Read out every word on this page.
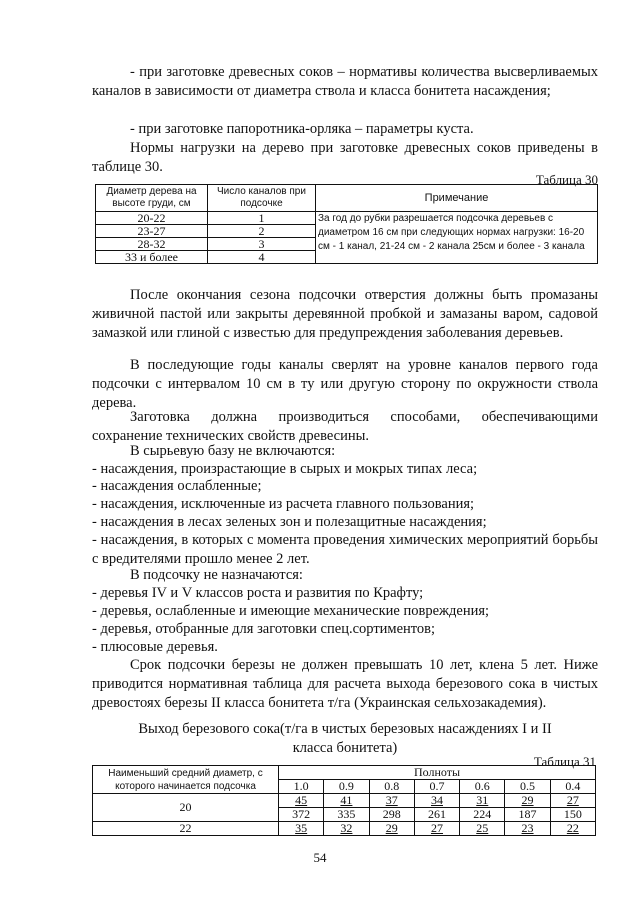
- при заготовке древесных соков – нормативы количества высверливаемых каналов в зависимости от диаметра ствола и класса бонитета насаждения;

- при заготовке папоротника-орляка – параметры куста.

Нормы нагрузки на дерево при заготовке древесных соков приведены в таблице 30.

Таблица 30
Диаметр дерева на высоте груди, см	Число каналов при подсочке	Примечание
20-22	1	За год до рубки разрешается подсочка деревьев с диаметром 16 см при следующих нормах нагрузки: 16-20 см - 1 канал, 21-24 см - 2 канала 25см и более - 3 канала
23-27	2	
28-32	3	
33 и более	4	

После окончания сезона подсочки отверстия должны быть промазаны живичной пастой или закрыты деревянной пробкой и замазаны варом, садовой замазкой или глиной с известью для предупреждения заболевания деревьев.

В последующие годы каналы сверлят на уровне каналов первого года подсочки с интервалом 10 см в ту или другую сторону по окружности ствола дерева.

Заготовка должна производиться способами, обеспечивающими сохранение технических свойств древесины.

В сырьевую базу не включаются:

- насаждения, произрастающие в сырых и мокрых типах леса;

- насаждения ослабленные;

- насаждения, исключенные из расчета главного пользования;

- насаждения в лесах зеленых зон и полезащитные насаждения;

- насаждения, в которых с момента проведения химических мероприятий борьбы с вредителями прошло менее 2 лет.

В подсочку не назначаются:

- деревья IV и V классов роста и развития по Крафту;

- деревья, ослабленные и имеющие механические повреждения;

- деревья, отобранные для заготовки спец.сортиментов;

- плюсовые деревья.

Срок подсочки березы не должен превышать 10 лет, клена 5 лет. Ниже приводится нормативная таблица для расчета выхода березового сока в чистых древостоях березы II класса бонитета т/га (Украинская сельхозакадемия).

Выход березового сока(т/га в чистых березовых насаждениях I и II класса бонитета)

Таблица 31
Наименьший средний диаметр, с которого начинается подсочка	Полноты						
	1.0	0.9	0.8	0.7	0.6	0.5	0.4
20	45	41	37	34	31	29	27
	372	335	298	261	224	187	150
22	35	32	29	27	25	23	22
54
